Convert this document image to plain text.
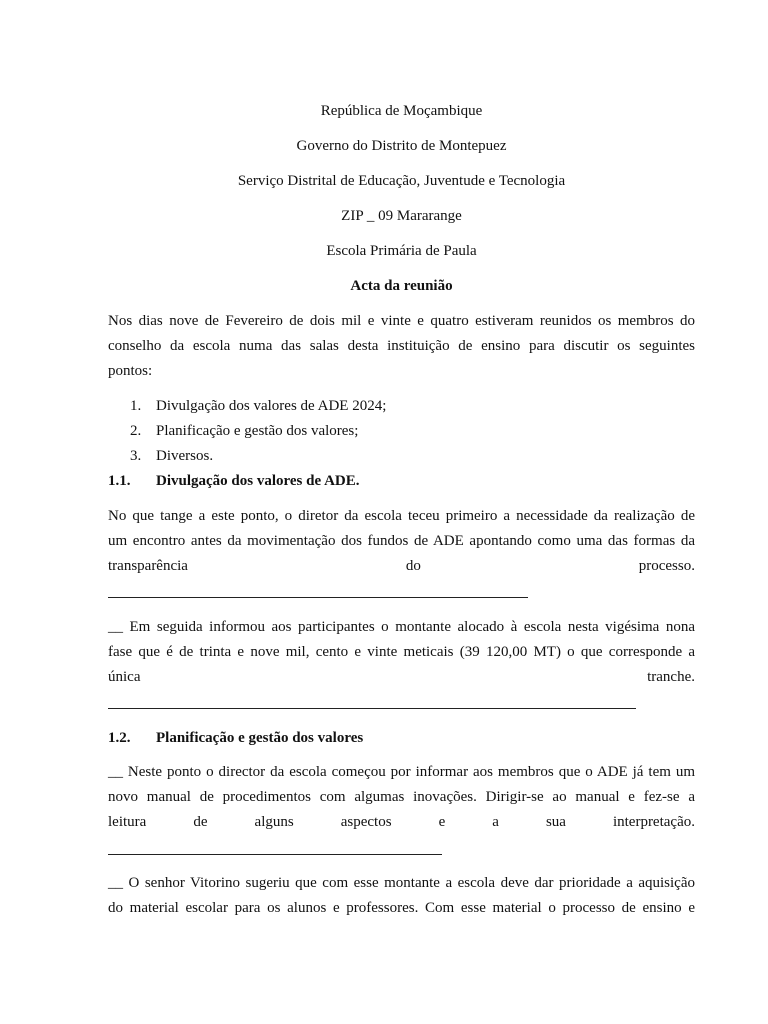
República de Moçambique
Governo do Distrito de Montepuez
Serviço Distrital de Educação, Juventude e Tecnologia
ZIP _ 09 Mararange
Escola Primária de Paula
Acta da reunião
Nos dias nove de Fevereiro de dois mil e vinte e quatro estiveram reunidos os membros do
conselho da escola numa das salas desta instituição de ensino para discutir os seguintes
pontos:
1. Divulgação dos valores de ADE 2024;
2. Planificação e gestão dos valores;
3. Diversos.
1.1. Divulgação dos valores de ADE.
No que tange a este ponto, o diretor da escola teceu primeiro a necessidade da realização de
um encontro antes da movimentação dos fundos de ADE apontando como uma das formas da
transparência	do	processo.
__ Em seguida informou aos participantes o montante alocado à escola nesta vigésima nona
fase que é de trinta e nove mil, cento e vinte meticais (39 120,00 MT) o que corresponde a
única	tranche.
1.2. Planificação e gestão dos valores
__ Neste ponto o director da escola começou por informar aos membros que o ADE já tem um
novo manual de procedimentos com algumas inovações. Dirigir-se ao manual e fez-se a
leitura	de	alguns	aspectos	e	a	sua	interpretação.
__ O senhor Vitorino sugeriu que com esse montante a escola deve dar prioridade a aquisição
do material escolar para os alunos e professores. Com esse material o processo de ensino e
